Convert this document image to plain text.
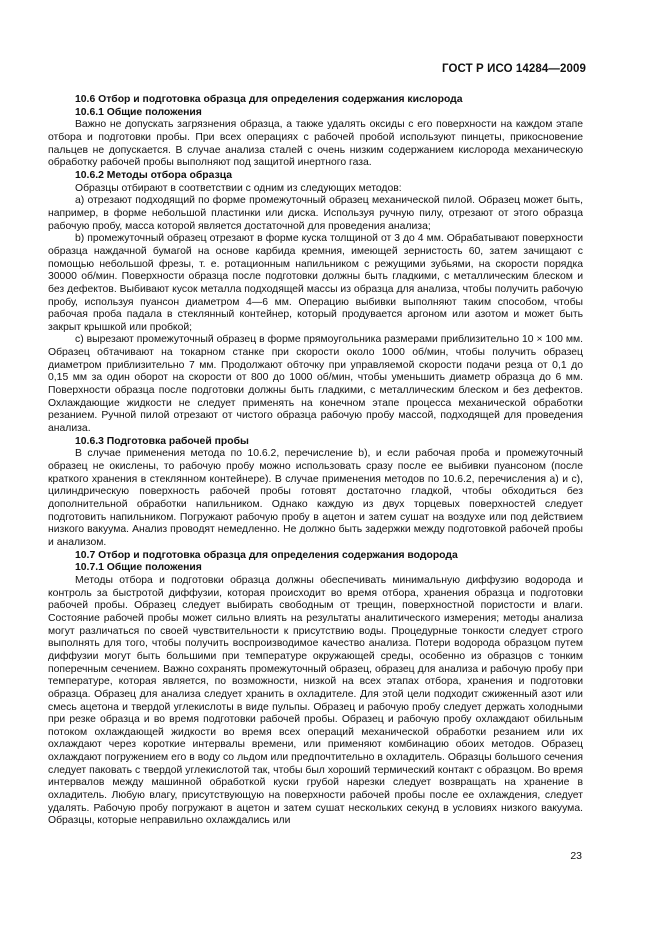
ГОСТ Р ИСО 14284—2009

10.6 Отбор и подготовка образца для определения содержания кислорода

10.6.1 Общие положения

Важно не допускать загрязнения образца, а также удалять оксиды с его поверхности на каждом этапе отбора и подготовки пробы. При всех операциях с рабочей пробой используют пинцеты, прикосновение пальцев не допускается. В случае анализа сталей с очень низким содержанием кислорода механическую обработку рабочей пробы выполняют под защитой инертного газа.

10.6.2 Методы отбора образца

Образцы отбирают в соответствии с одним из следующих методов:

a) отрезают подходящий по форме промежуточный образец механической пилой. Образец может быть, например, в форме небольшой пластинки или диска. Используя ручную пилу, отрезают от этого образца рабочую пробу, масса которой является достаточной для проведения анализа;

b) промежуточный образец отрезают в форме куска толщиной от 3 до 4 мм. Обрабатывают поверхности образца наждачной бумагой на основе карбида кремния, имеющей зернистость 60, затем зачищают с помощью небольшой фрезы, т. е. ротационным напильником с режущими зубьями, на скорости порядка 30000 об/мин. Поверхности образца после подготовки должны быть гладкими, с металлическим блеском и без дефектов. Выбивают кусок металла подходящей массы из образца для анализа, чтобы получить рабочую пробу, используя пуансон диаметром 4—6 мм. Операцию выбивки выполняют таким способом, чтобы рабочая проба падала в стеклянный контейнер, который продувается аргоном или азотом и может быть закрыт крышкой или пробкой;

c) вырезают промежуточный образец в форме прямоугольника размерами приблизительно 10 × 100 мм. Образец обтачивают на токарном станке при скорости около 1000 об/мин, чтобы получить образец диаметром приблизительно 7 мм. Продолжают обточку при управляемой скорости подачи резца от 0,1 до 0,15 мм за один оборот на скорости от 800 до 1000 об/мин, чтобы уменьшить диаметр образца до 6 мм. Поверхности образца после подготовки должны быть гладкими, с металлическим блеском и без дефектов. Охлаждающие жидкости не следует применять на конечном этапе процесса механической обработки резанием. Ручной пилой отрезают от чистого образца рабочую пробу массой, подходящей для проведения анализа.

10.6.3 Подготовка рабочей пробы

В случае применения метода по 10.6.2, перечисление b), и если рабочая проба и промежуточный образец не окислены, то рабочую пробу можно использовать сразу после ее выбивки пуансоном (после краткого хранения в стеклянном контейнере). В случае применения методов по 10.6.2, перечисления a) и c), цилиндрическую поверхность рабочей пробы готовят достаточно гладкой, чтобы обходиться без дополнительной обработки напильником. Однако каждую из двух торцевых поверхностей следует подготовить напильником. Погружают рабочую пробу в ацетон и затем сушат на воздухе или под действием низкого вакуума. Анализ проводят немедленно. Не должно быть задержки между подготовкой рабочей пробы и анализом.

10.7 Отбор и подготовка образца для определения содержания водорода

10.7.1 Общие положения

Методы отбора и подготовки образца должны обеспечивать минимальную диффузию водорода и контроль за быстротой диффузии, которая происходит во время отбора, хранения образца и подготовки рабочей пробы. Образец следует выбирать свободным от трещин, поверхностной пористости и влаги. Состояние рабочей пробы может сильно влиять на результаты аналитического измерения; методы анализа могут различаться по своей чувствительности к присутствию воды. Процедурные тонкости следует строго выполнять для того, чтобы получить воспроизводимое качество анализа. Потери водорода образцом путем диффузии могут быть большими при температуре окружающей среды, особенно из образцов с тонким поперечным сечением. Важно сохранять промежуточный образец, образец для анализа и рабочую пробу при температуре, которая является, по возможности, низкой на всех этапах отбора, хранения и подготовки образца. Образец для анализа следует хранить в охладителе. Для этой цели подходит сжиженный азот или смесь ацетона и твердой углекислоты в виде пульпы. Образец и рабочую пробу следует держать холодными при резке образца и во время подготовки рабочей пробы. Образец и рабочую пробу охлаждают обильным потоком охлаждающей жидкости во время всех операций механической обработки резанием или их охлаждают через короткие интервалы времени, или применяют комбинацию обоих методов. Образец охлаждают погружением его в воду со льдом или предпочтительно в охладитель. Образцы большого сечения следует паковать с твердой углекислотой так, чтобы был хороший термический контакт с образцом. Во время интервалов между машинной обработкой куски грубой нарезки следует возвращать на хранение в охладитель. Любую влагу, присутствующую на поверхности рабочей пробы после ее охлаждения, следует удалять. Рабочую пробу погружают в ацетон и затем сушат нескольких секунд в условиях низкого вакуума. Образцы, которые неправильно охлаждались или

23
